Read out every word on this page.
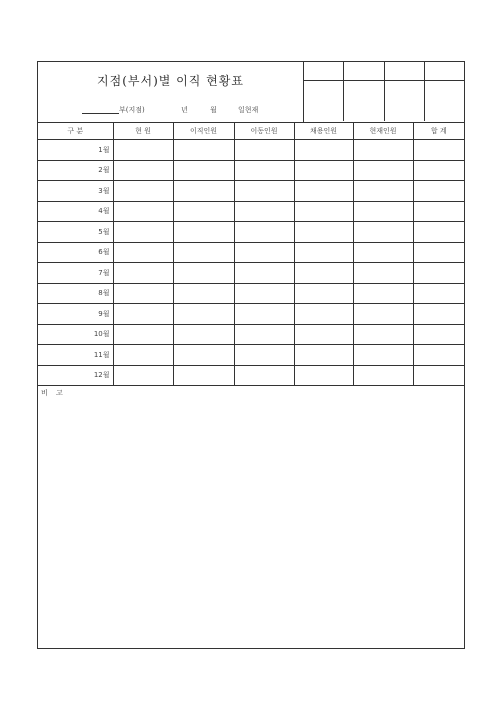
지점(부서)별 이직 현황표
부(지점)	년	월	일현재
구 분	현 원	이직인원	이동인원	채용인원	현재인원	합 계
1월						
2월						
3월						
4월						
5월						
6월						
7월						
8월						
9월						
10월						
11월						
12월						
비 고
